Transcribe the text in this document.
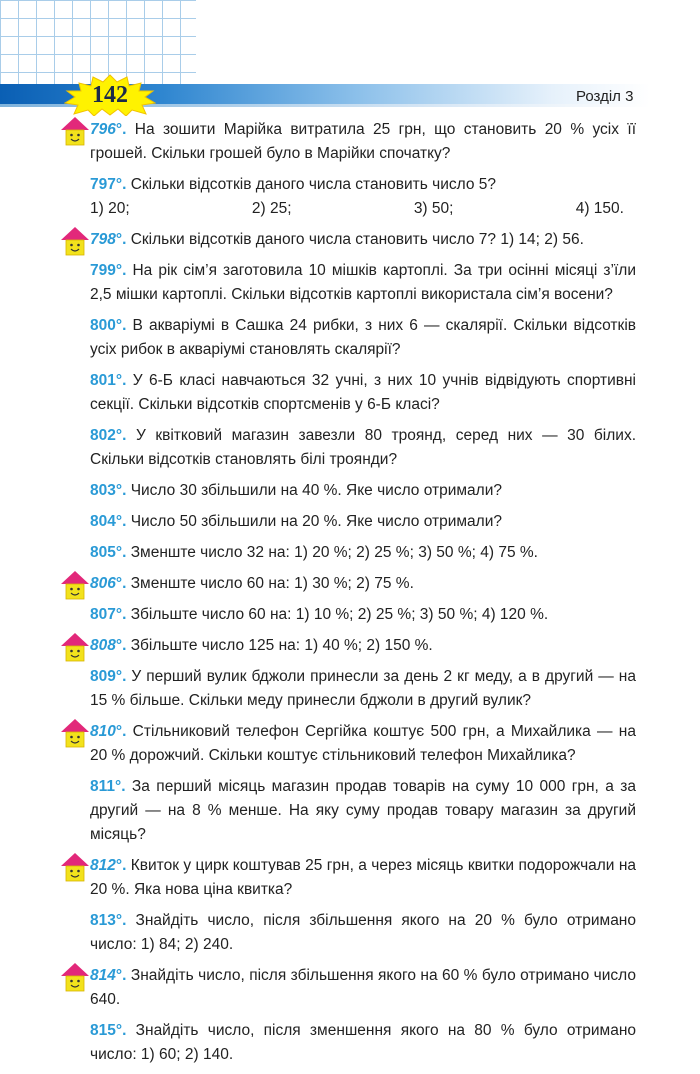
142	Розділ 3
796°. На зошити Марійка витратила 25 грн, що становить 20 % усіх її грошей. Скільки грошей було в Марійки спочатку?
797°. Скільки відсотків даного числа становить число 5?
1) 20;	2) 25;	3) 50;	4) 150.
798°. Скільки відсотків даного числа становить число 7? 1) 14; 2) 56.
799°. На рік сім’я заготовила 10 мішків картоплі. За три осінні місяці з’їли 2,5 мішки картоплі. Скільки відсотків картоплі використала сім’я восени?
800°. В акваріумі в Сашка 24 рибки, з них 6 — скалярії. Скільки відсотків усіх рибок в акваріумі становлять скалярії?
801°. У 6-Б класі навчаються 32 учні, з них 10 учнів відвідують спортивні секції. Скільки відсотків спортсменів у 6-Б класі?
802°. У квітковий магазин завезли 80 троянд, серед них — 30 білих. Скільки відсотків становлять білі троянди?
803°. Число 30 збільшили на 40 %. Яке число отримали?
804°. Число 50 збільшили на 20 %. Яке число отримали?
805°. Зменште число 32 на: 1) 20 %; 2) 25 %; 3) 50 %; 4) 75 %.
806°. Зменште число 60 на: 1) 30 %; 2) 75 %.
807°. Збільште число 60 на: 1) 10 %; 2) 25 %; 3) 50 %; 4) 120 %.
808°. Збільште число 125 на: 1) 40 %; 2) 150 %.
809°. У перший вулик бджоли принесли за день 2 кг меду, а в другий — на 15 % більше. Скільки меду принесли бджоли в другий вулик?
810°. Стільниковий телефон Сергійка коштує 500 грн, а Михайлика — на 20 % дорожчий. Скільки коштує стільниковий телефон Михайлика?
811°. За перший місяць магазин продав товарів на суму 10 000 грн, а за другий — на 8 % менше. На яку суму продав товару магазин за другий місяць?
812°. Квиток у цирк коштував 25 грн, а через місяць квитки подорожчали на 20 %. Яка нова ціна квитка?
813°. Знайдіть число, після збільшення якого на 20 % було отримано число: 1) 84; 2) 240.
814°. Знайдіть число, після збільшення якого на 60 % було отримано число 640.
815°. Знайдіть число, після зменшення якого на 80 % було отримано число: 1) 60; 2) 140.
